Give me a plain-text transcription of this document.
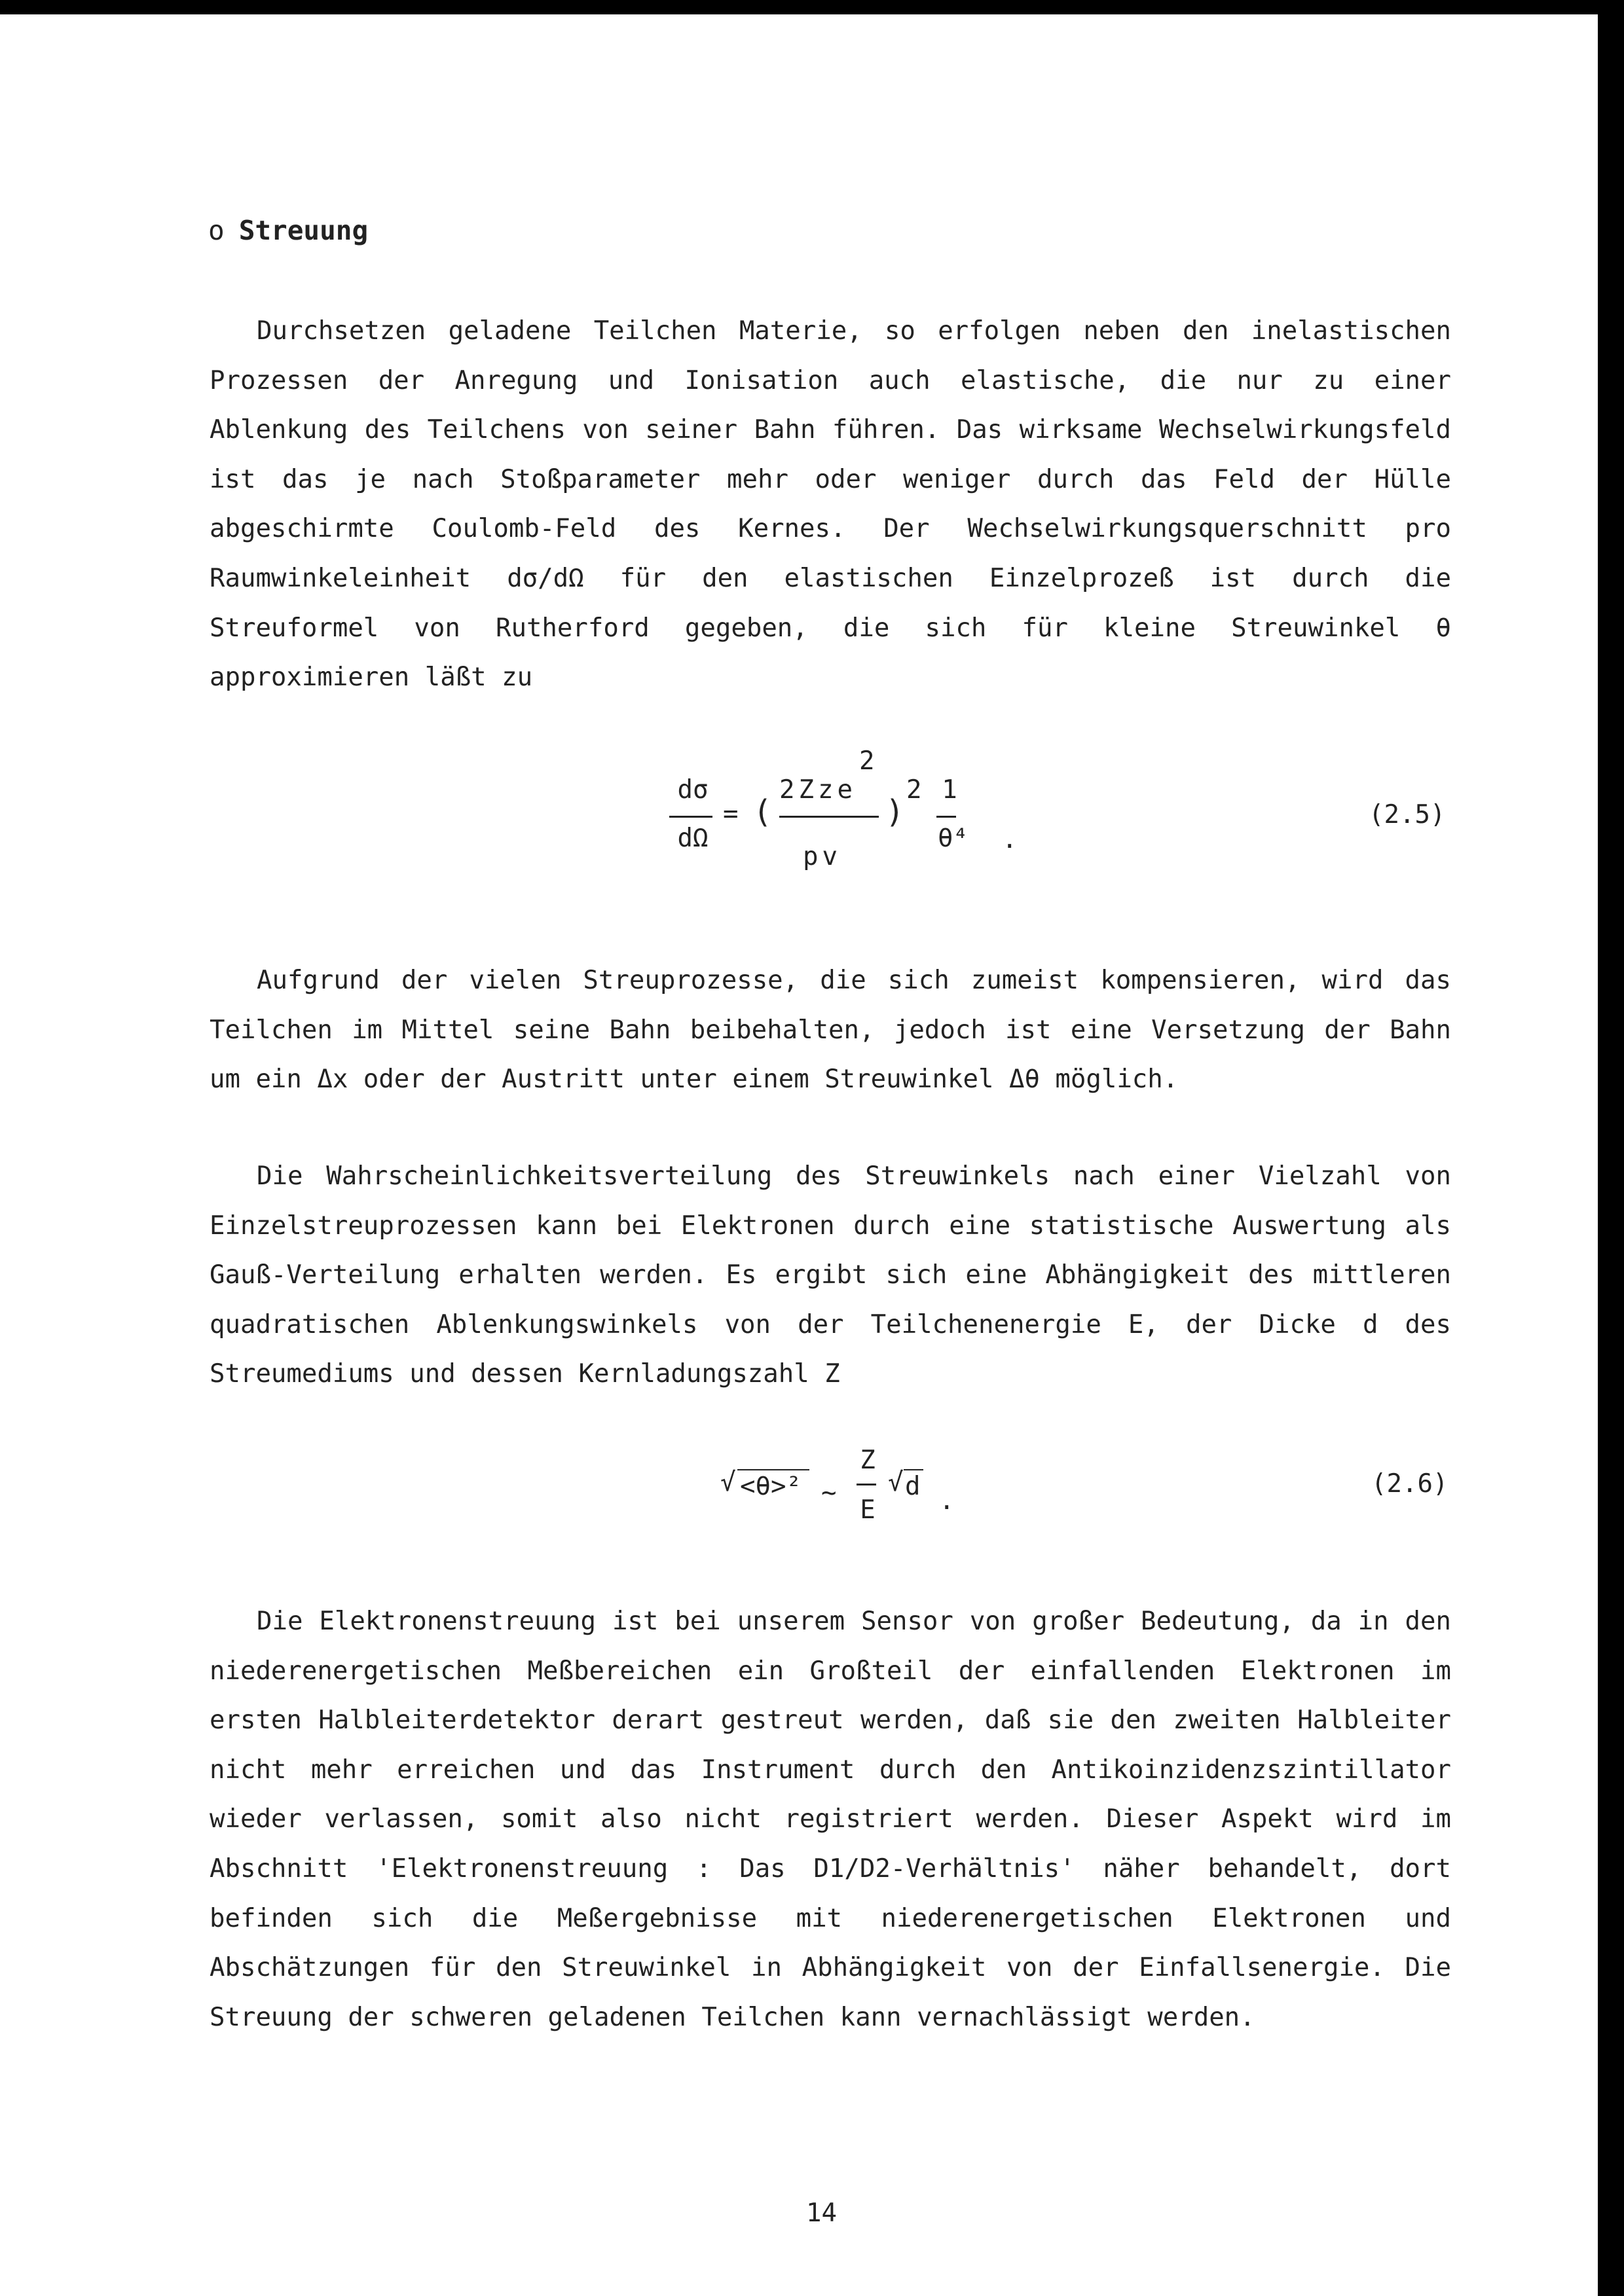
o Streuung
Durchsetzen geladene Teilchen Materie, so erfolgen neben den inelastischen Prozessen der Anregung und Ionisation auch elastische, die nur zu einer Ablenkung des Teilchens von seiner Bahn führen. Das wirksame Wechselwirkungsfeld ist das je nach Stoßparameter mehr oder weniger durch das Feld der Hülle abgeschirmte Coulomb-Feld des Kernes. Der Wechselwirkungsquerschnitt pro Raumwinkeleinheit dσ/dΩ für den elastischen Einzelprozeß ist durch die Streuformel von Rutherford gegeben, die sich für kleine Streuwinkel θ approximieren läßt zu
dσ
dΩ
= (
2Zze
2
pv
)
2 1
θ⁴ .
(2.5)
Aufgrund der vielen Streuprozesse, die sich zumeist kompensieren, wird das Teilchen im Mittel seine Bahn beibehalten, jedoch ist eine Versetzung der Bahn um ein Δx oder der Austritt unter einem Streuwinkel Δθ möglich.
Die Wahrscheinlichkeitsverteilung des Streuwinkels nach einer Vielzahl von Einzelstreuprozessen kann bei Elektronen durch eine statistische Auswertung als Gauß-Verteilung erhalten werden. Es ergibt sich eine Abhängigkeit des mittleren quadratischen Ablenkungswinkels von der Teilchenenergie E, der Dicke d des Streumediums und dessen Kernladungszahl Z
√ <θ>² ~
Z
E
√ d .
(2.6)
Die Elektronenstreuung ist bei unserem Sensor von großer Bedeutung, da in den niederenergetischen Meßbereichen ein Großteil der einfallenden Elektronen im ersten Halbleiterdetektor derart gestreut werden, daß sie den zweiten Halbleiter nicht mehr erreichen und das Instrument durch den Antikoinzidenzszintillator wieder verlassen, somit also nicht registriert werden. Dieser Aspekt wird im Abschnitt 'Elektronenstreuung : Das D1/D2-Verhältnis' näher behandelt, dort befinden sich die Meßergebnisse mit niederenergetischen Elektronen und Abschätzungen für den Streuwinkel in Abhängigkeit von der Einfallsenergie. Die Streuung der schweren geladenen Teilchen kann vernachlässigt werden.
14
